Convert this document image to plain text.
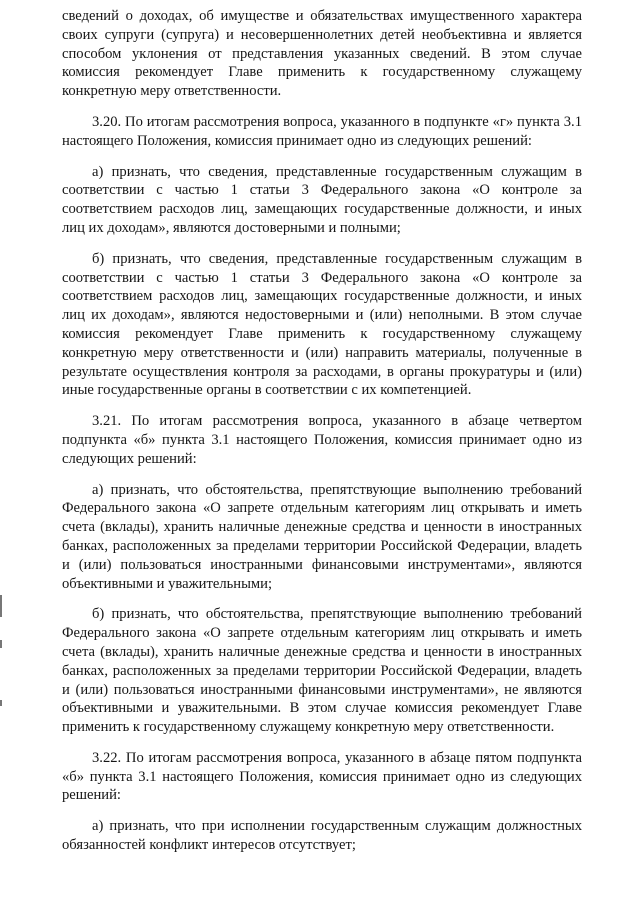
сведений о доходах, об имуществе и обязательствах имущественного характера своих супруги (супруга) и несовершеннолетних детей необъективна и является способом уклонения от представления указанных сведений. В этом случае комиссия рекомендует Главе применить к государственному служащему конкретную меру ответственности.

3.20. По итогам рассмотрения вопроса, указанного в подпункте «г» пункта 3.1 настоящего Положения, комиссия принимает одно из следующих решений:

а) признать, что сведения, представленные государственным служащим в соответствии с частью 1 статьи 3 Федерального закона «О контроле за соответствием расходов лиц, замещающих государственные должности, и иных лиц их доходам», являются достоверными и полными;

б) признать, что сведения, представленные государственным служащим в соответствии с частью 1 статьи 3 Федерального закона «О контроле за соответствием расходов лиц, замещающих государственные должности, и иных лиц их доходам», являются недостоверными и (или) неполными. В этом случае комиссия рекомендует Главе применить к государственному служащему конкретную меру ответственности и (или) направить материалы, полученные в результате осуществления контроля за расходами, в органы прокуратуры и (или) иные государственные органы в соответствии с их компетенцией.

3.21. По итогам рассмотрения вопроса, указанного в абзаце четвертом подпункта «б» пункта 3.1 настоящего Положения, комиссия принимает одно из следующих решений:

а) признать, что обстоятельства, препятствующие выполнению требований Федерального закона «О запрете отдельным категориям лиц открывать и иметь счета (вклады), хранить наличные денежные средства и ценности в иностранных банках, расположенных за пределами территории Российской Федерации, владеть и (или) пользоваться иностранными финансовыми инструментами», являются объективными и уважительными;

б) признать, что обстоятельства, препятствующие выполнению требований Федерального закона «О запрете отдельным категориям лиц открывать и иметь счета (вклады), хранить наличные денежные средства и ценности в иностранных банках, расположенных за пределами территории Российской Федерации, владеть и (или) пользоваться иностранными финансовыми инструментами», не являются объективными и уважительными. В этом случае комиссия рекомендует Главе применить к государственному служащему конкретную меру ответственности.

3.22. По итогам рассмотрения вопроса, указанного в абзаце пятом подпункта «б» пункта 3.1 настоящего Положения, комиссия принимает одно из следующих решений:

а) признать, что при исполнении государственным служащим должностных обязанностей конфликт интересов отсутствует;
